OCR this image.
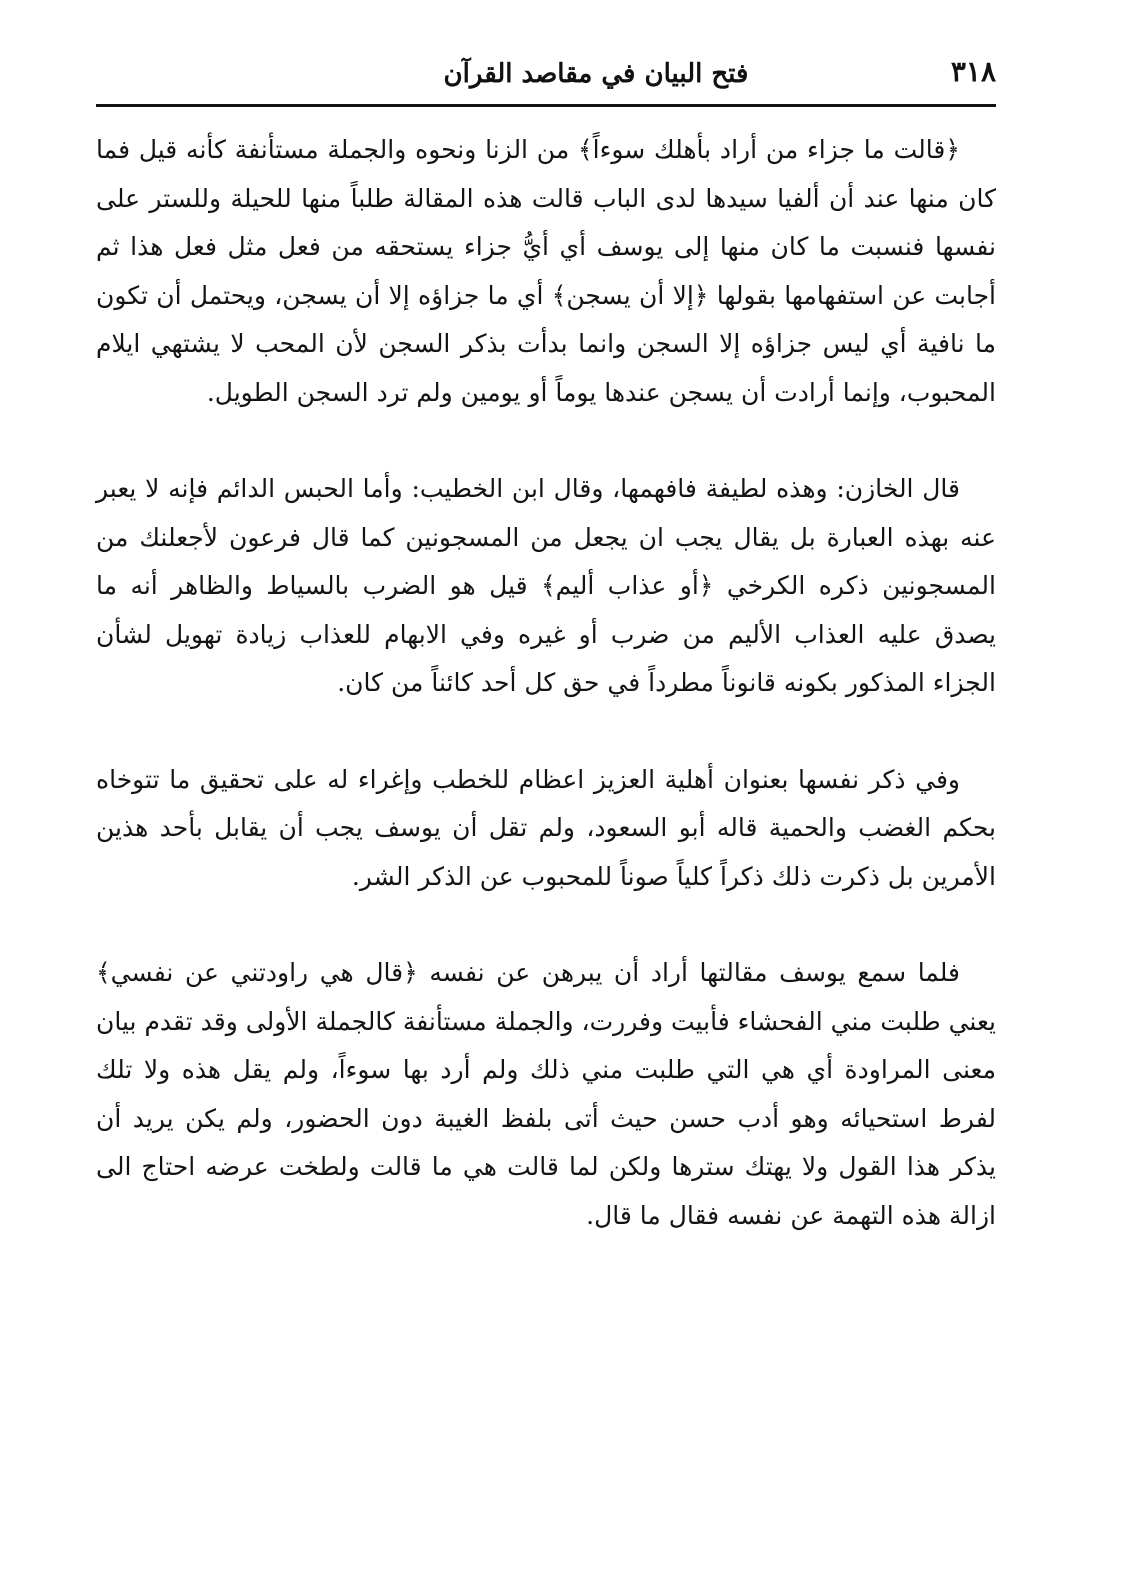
فتح البيان في مقاصد القرآن	٣١٨

﴿قالت ما جزاء من أراد بأهلك سوءاً﴾ من الزنا ونحوه والجملة مستأنفة كأنه قيل فما كان منها عند أن ألفيا سيدها لدى الباب قالت هذه المقالة طلباً منها للحيلة وللستر على نفسها فنسبت ما كان منها إلى يوسف أي أيُّ جزاء يستحقه من فعل مثل فعل هذا ثم أجابت عن استفهامها بقولها ﴿إلا أن يسجن﴾ أي ما جزاؤه إلا أن يسجن، ويحتمل أن تكون ما نافية أي ليس جزاؤه إلا السجن وانما بدأت بذكر السجن لأن المحب لا يشتهي ايلام المحبوب، وإنما أرادت أن يسجن عندها يوماً أو يومين ولم ترد السجن الطويل.

قال الخازن: وهذه لطيفة فافهمها، وقال ابن الخطيب: وأما الحبس الدائم فإنه لا يعبر عنه بهذه العبارة بل يقال يجب ان يجعل من المسجونين كما قال فرعون لأجعلنك من المسجونين ذكره الكرخي ﴿أو عذاب أليم﴾ قيل هو الضرب بالسياط والظاهر أنه ما يصدق عليه العذاب الأليم من ضرب أو غيره وفي الابهام للعذاب زيادة تهويل لشأن الجزاء المذكور بكونه قانوناً مطرداً في حق كل أحد كائناً من كان.

وفي ذكر نفسها بعنوان أهلية العزيز اعظام للخطب وإغراء له على تحقيق ما تتوخاه بحكم الغضب والحمية قاله أبو السعود، ولم تقل أن يوسف يجب أن يقابل بأحد هذين الأمرين بل ذكرت ذلك ذكراً كلياً صوناً للمحبوب عن الذكر الشر.

فلما سمع يوسف مقالتها أراد أن يبرهن عن نفسه ﴿قال هي راودتني عن نفسي﴾ يعني طلبت مني الفحشاء فأبيت وفررت، والجملة مستأنفة كالجملة الأولى وقد تقدم بيان معنى المراودة أي هي التي طلبت مني ذلك ولم أرد بها سوءاً، ولم يقل هذه ولا تلك لفرط استحيائه وهو أدب حسن حيث أتى بلفظ الغيبة دون الحضور، ولم يكن يريد أن يذكر هذا القول ولا يهتك سترها ولكن لما قالت هي ما قالت ولطخت عرضه احتاج الى ازالة هذه التهمة عن نفسه فقال ما قال.
